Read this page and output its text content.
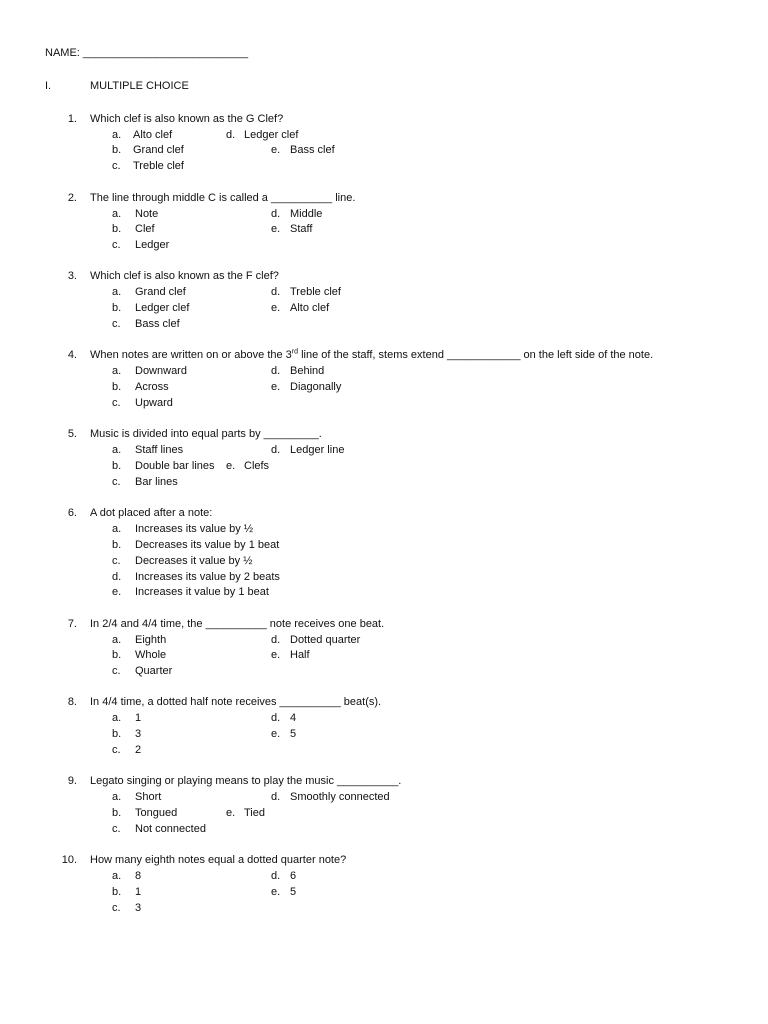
NAME: ___________________________
I.	MULTIPLE CHOICE
1. Which clef is also known as the G Clef?
a. Alto clef
b. Grand clef
c. Treble clef
d. Ledger clef
e. Bass clef
2. The line through middle C is called a __________ line.
a. Note
b. Clef
c. Ledger
d. Middle
e. Staff
3. Which clef is also known as the F clef?
a. Grand clef
b. Ledger clef
c. Bass clef
d. Treble clef
e. Alto clef
4. When notes are written on or above the 3rd line of the staff, stems extend ____________ on the left side of the note.
a. Downward
b. Across
c. Upward
d. Behind
e. Diagonally
5. Music is divided into equal parts by _________.
a. Staff lines
b. Double bar lines
c. Bar lines
d. Ledger line
e. Clefs
6. A dot placed after a note:
a. Increases its value by ½
b. Decreases its value by 1 beat
c. Decreases it value by ½
d. Increases its value by 2 beats
e. Increases it value by 1 beat
7. In 2/4 and 4/4 time, the __________ note receives one beat.
a. Eighth
b. Whole
c. Quarter
d. Dotted quarter
e. Half
8. In 4/4 time, a dotted half note receives __________ beat(s).
a. 1
b. 3
c. 2
d. 4
e. 5
9. Legato singing or playing means to play the music __________.
a. Short
b. Tongued
c. Not connected
d. Smoothly connected
e. Tied
10. How many eighth notes equal a dotted quarter note?
a. 8
b. 1
c. 3
d. 6
e. 5
